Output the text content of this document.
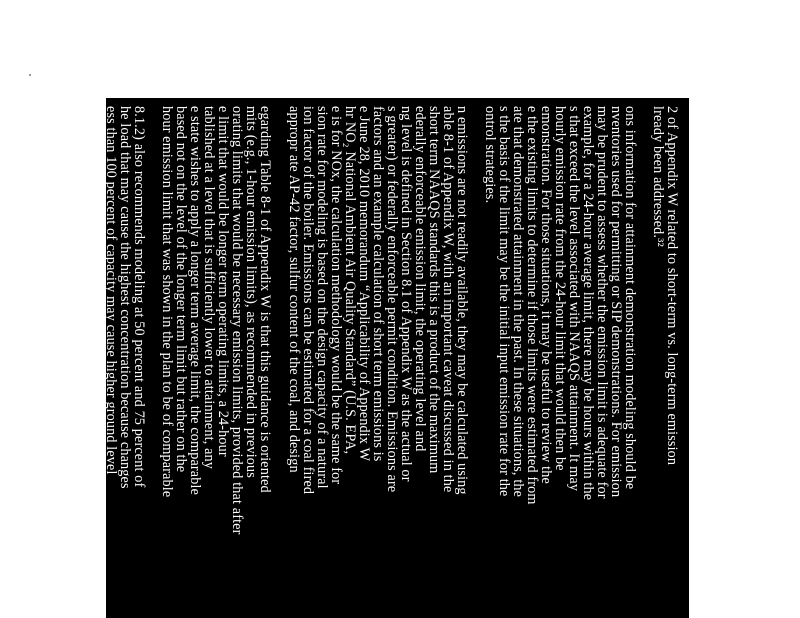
2 of Appendix W related to short-term vs. long-term emission
lready been addressed.³²
ons information for attainment demonstration modeling should be
nventories used for permitting or SIP demonstrations. For emission
may be prudent to assess whether the emission limit is adequate for
example, for a 24-hour average limit, there may be hours within the
s that exceed the level associated with NAAQS attainment. It may
hourly emission rate from the 24-hour limit that would then be
emonstration. For those situations, it may be useful to review the
e the existing limits to determine if those limits were estimated from
ate that demonstrated attainment in the past. In these situations, the
s the basis of the limit may be the initial input emission rate for the
ontrol strategies.
n emissions are not readily available, they may be calculated using
able 8-1 of Appendix W, with an important caveat discussed in the
short term NAAQS standards this is a product of the maximum
ederally enforceable emission limit, the operating level and
ng level is defined in Section 8.1 of Appendix W as the actual or
s greater) or federally enforceable permit condition. Emissions are
factors and an example calculation of short term emissions is
e June 28, 2010 memorandum “Applicability of Appendix W
hr NO₂ National Ambient Air Quality Standard” (U.S. EPA,
e is for NOx, the calculation methodology would be the same for
sion rate for modeling is based on the design capacity of a natural
ion factor of the boiler. Emissions can be estimated for a coal fired
appropr ate AP-42 factor, sulfur content of the coal, and design
egarding Table 8-1 of Appendix W is that this guidance is oriented
mits (e.g., 1-hour emission limits), as recommended in previous
orating limits that would be necessary emission limits, provided that after
e limit that would be longer term operating limits, a 24-hour
tablished at a level that is sufficiently lower to attainment, any
e state wishes to apply a longer term average limit, the comparable
based not on the level of the longer term limit but rather on the
hour emission limit that was shown in the plan to be of comparable
8.1.2) also recommends modeling at 50 percent and 75 percent of
he load that may cause the highest concentration because changes
ess than 100 percent of capacity may cause higher ground level
